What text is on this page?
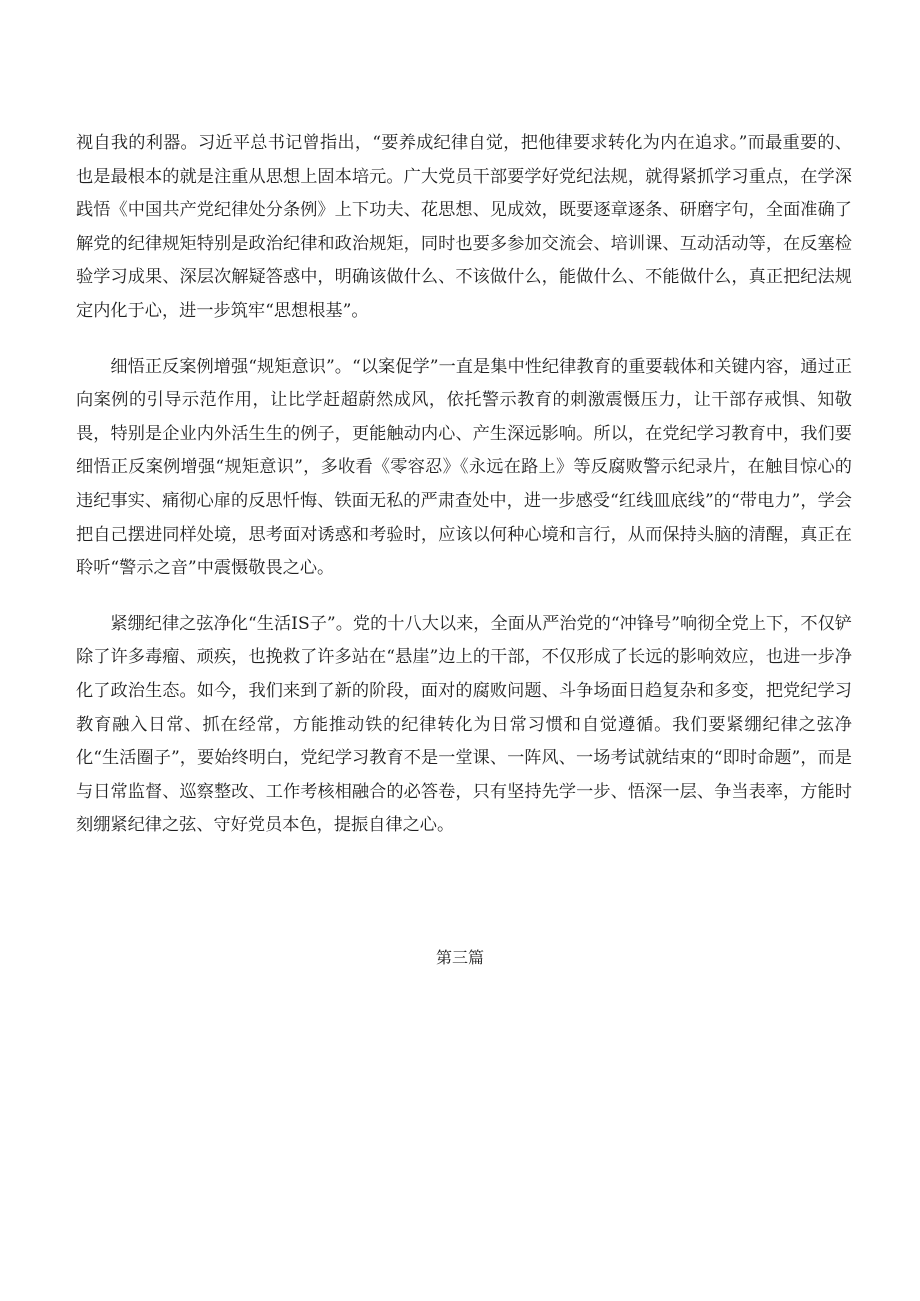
视自我的利器。习近平总书记曾指出，“要养成纪律自觉，把他律要求转化为内在追求。”而最重要的、也是最根本的就是注重从思想上固本培元。广大党员干部要学好党纪法规，就得紧抓学习重点，在学深践悟《中国共产党纪律处分条例》上下功夫、花思想、见成效，既要逐章逐条、研磨字句，全面准确了解党的纪律规矩特别是政治纪律和政治规矩，同时也要多参加交流会、培训课、互动活动等，在反塞检验学习成果、深层次解疑答惑中，明确该做什么、不该做什么，能做什么、不能做什么，真正把纪法规定内化于心，进一步筑牢“思想根基”。

细悟正反案例增强“规矩意识”。“以案促学”一直是集中性纪律教育的重要载体和关键内容，通过正向案例的引导示范作用，让比学赶超蔚然成风，依托警示教育的刺激震慑压力，让干部存戒惧、知敬畏，特别是企业内外活生生的例子，更能触动内心、产生深远影响。所以，在党纪学习教育中，我们要细悟正反案例增强“规矩意识”，多收看《零容忍》《永远在路上》等反腐败警示纪录片，在触目惊心的违纪事实、痛彻心扉的反思忏悔、铁面无私的严肃查处中，进一步感受“红线皿底线”的“带电力”，学会把自己摆进同样处境，思考面对诱惑和考验时，应该以何种心境和言行，从而保持头脑的清醒，真正在聆听“警示之音”中震慑敬畏之心。

紧绷纪律之弦净化“生活IS子”。党的十八大以来，全面从严治党的“冲锋号”响彻全党上下，不仅铲除了许多毒瘤、顽疾，也挽救了许多站在“悬崖”边上的干部，不仅形成了长远的影响效应，也进一步净化了政治生态。如今，我们来到了新的阶段，面对的腐败问题、斗争场面日趋复杂和多变，把党纪学习教育融入日常、抓在经常，方能推动铁的纪律转化为日常习惯和自觉遵循。我们要紧绷纪律之弦净化“生活圈子”，要始终明白，党纪学习教育不是一堂课、一阵风、一场考试就结束的“即时命题”，而是与日常监督、巡察整改、工作考核相融合的必答卷，只有坚持先学一步、悟深一层、争当表率，方能时刻绷紧纪律之弦、守好党员本色，提振自律之心。

第三篇
